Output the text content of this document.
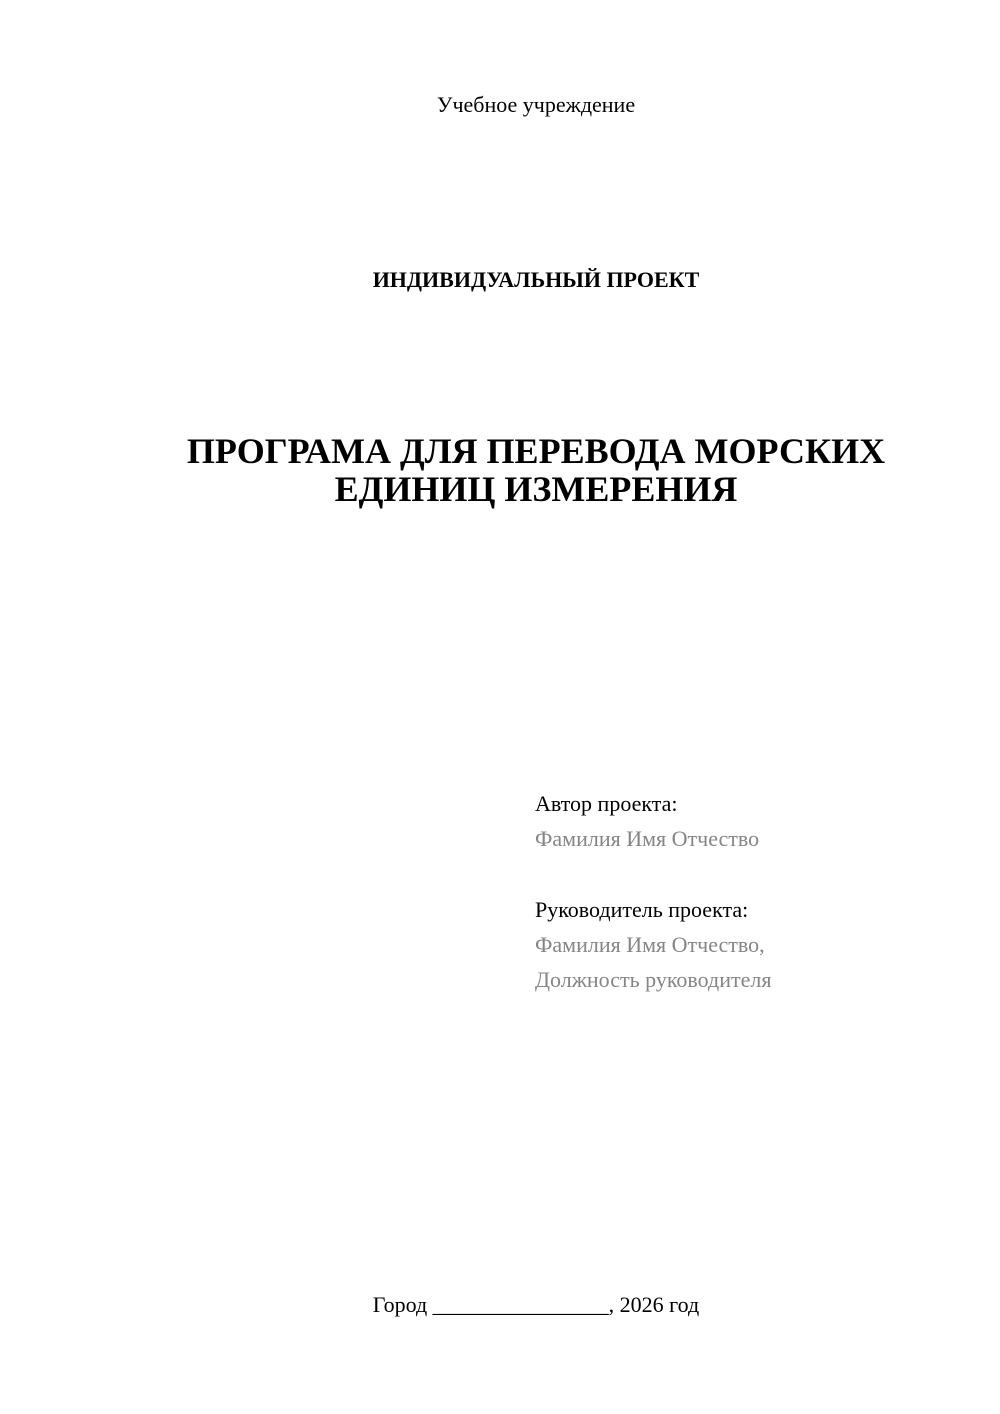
Учебное учреждение
ИНДИВИДУАЛЬНЫЙ ПРОЕКТ
ПРОГРАМА ДЛЯ ПЕРЕВОДА МОРСКИХ
ЕДИНИЦ ИЗМЕРЕНИЯ
Автор проекта:
Фамилия Имя Отчество
Руководитель проекта:
Фамилия Имя Отчество,
Должность руководителя
Город ________________, 2026 год
